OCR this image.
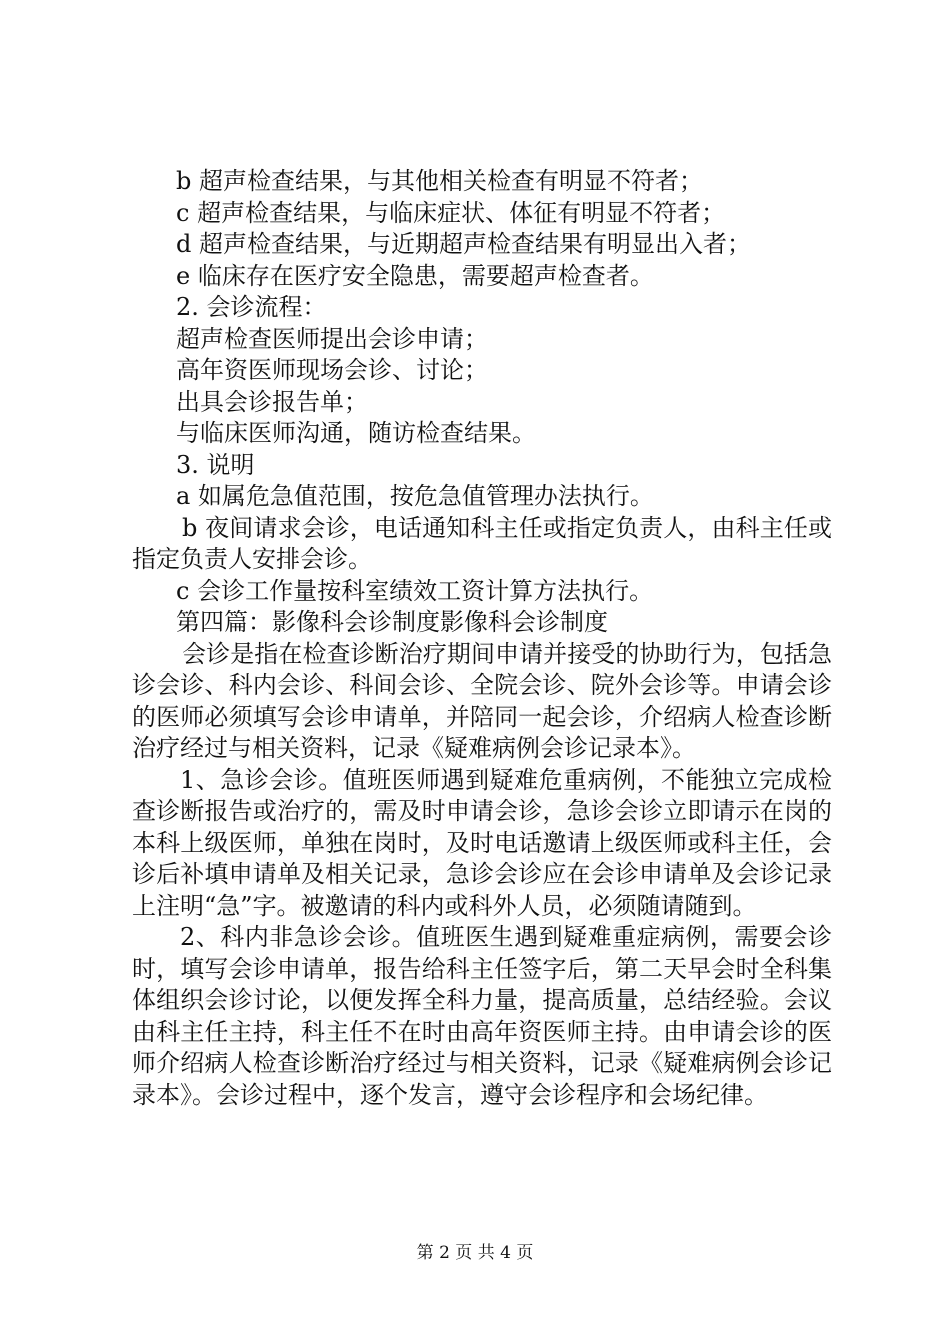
b 超声检查结果，与其他相关检查有明显不符者；

c 超声检查结果，与临床症状、体征有明显不符者；

d 超声检查结果，与近期超声检查结果有明显出入者；

e 临床存在医疗安全隐患，需要超声检查者。

2. 会诊流程：

超声检查医师提出会诊申请；

高年资医师现场会诊、讨论；

出具会诊报告单；

与临床医师沟通，随访检查结果。

3. 说明

a 如属危急值范围，按危急值管理办法执行。

b 夜间请求会诊，电话通知科主任或指定负责人，由科主任或指定负责人安排会诊。

c 会诊工作量按科室绩效工资计算方法执行。

第四篇：影像科会诊制度影像科会诊制度

会诊是指在检查诊断治疗期间申请并接受的协助行为，包括急诊会诊、科内会诊、科间会诊、全院会诊、院外会诊等。申请会诊的医师必须填写会诊申请单，并陪同一起会诊，介绍病人检查诊断治疗经过与相关资料，记录《疑难病例会诊记录本》。

1、急诊会诊。值班医师遇到疑难危重病例，不能独立完成检查诊断报告或治疗的，需及时申请会诊，急诊会诊立即请示在岗的本科上级医师，单独在岗时，及时电话邀请上级医师或科主任，会诊后补填申请单及相关记录，急诊会诊应在会诊申请单及会诊记录上注明“急”字。被邀请的科内或科外人员，必须随请随到。

2、科内非急诊会诊。值班医生遇到疑难重症病例，需要会诊时，填写会诊申请单，报告给科主任签字后，第二天早会时全科集体组织会诊讨论，以便发挥全科力量，提高质量，总结经验。会议由科主任主持，科主任不在时由高年资医师主持。由申请会诊的医师介绍病人检查诊断治疗经过与相关资料，记录《疑难病例会诊记录本》。会诊过程中，逐个发言，遵守会诊程序和会场纪律。

第 2 页 共 4 页
